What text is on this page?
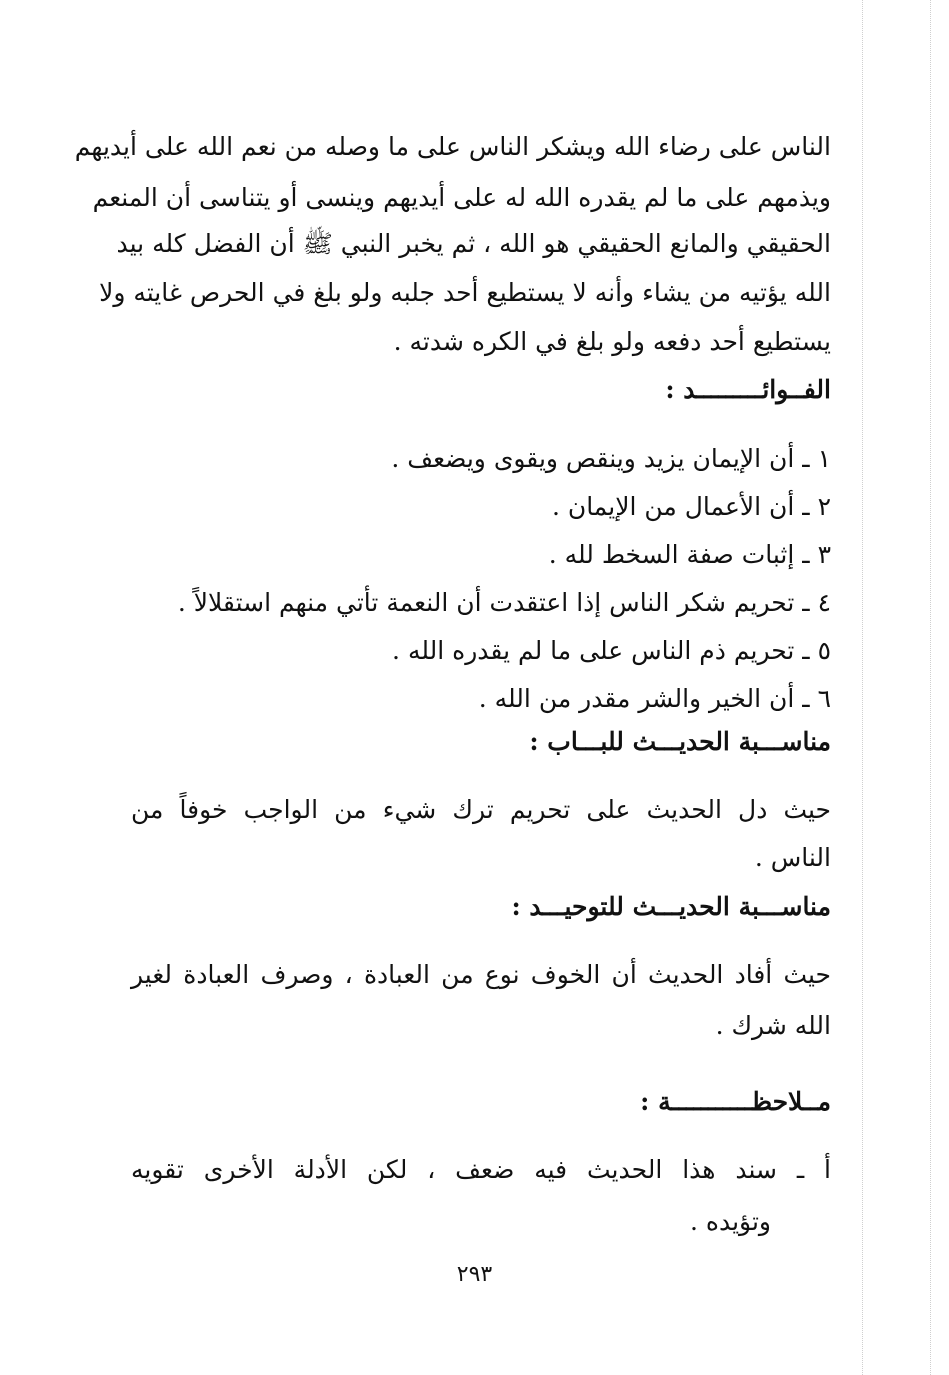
الناس على رضاء الله ويشكر الناس على ما وصله من نعم الله على أيديهم
ويذمهم على ما لم يقدره الله له على أيديهم وينسى أو يتناسى أن المنعم
الحقيقي والمانع الحقيقي هو الله ، ثم يخبر النبي ﷺ أن الفضل كله بيد
الله يؤتيه من يشاء وأنه لا يستطيع أحد جلبه ولو بلغ في الحرص غايته ولا
يستطيع أحد دفعه ولو بلغ في الكره شدته .
الفــوائـــــــــد :
١ ـ أن الإيمان يزيد وينقص ويقوى ويضعف .
٢ ـ أن الأعمال من الإيمان .
٣ ـ إثبات صفة السخط لله .
٤ ـ تحريم شكر الناس إذا اعتقدت أن النعمة تأتي منهم استقلالاً .
٥ ـ تحريم ذم الناس على ما لم يقدره الله .
٦ ـ أن الخير والشر مقدر من الله .
مناســـبة الحديـــث للبـــاب :
حيث دل الحديث على تحريم ترك شيء من الواجب خوفاً من
الناس .
مناســـبة الحديـــث للتوحيـــد :
حيث أفاد الحديث أن الخوف نوع من العبادة ، وصرف العبادة لغير
الله شرك .
مــلاحظـــــــــــة :
أ ـ سند هذا الحديث فيه ضعف ، لكن الأدلة الأخرى تقويه
وتؤيده .
٢٩٣
